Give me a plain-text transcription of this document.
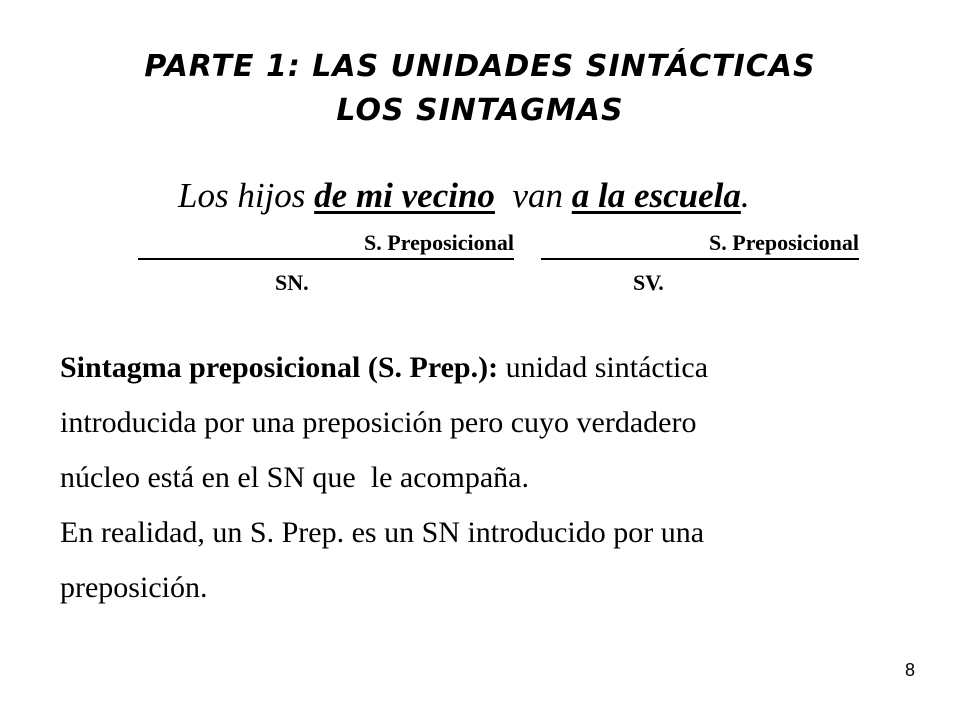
PARTE 1: LAS UNIDADES SINTÁCTICAS
LOS SINTAGMAS
Los hijos de mi vecino  van a la escuela.
S. Preposicional	S. Preposicional
SN.	SV.

Sintagma preposicional (S. Prep.): unidad sintáctica

introducida por una preposición pero cuyo verdadero

núcleo está en el SN que  le acompaña.

En realidad, un S. Prep. es un SN introducido por una

preposición.

8
